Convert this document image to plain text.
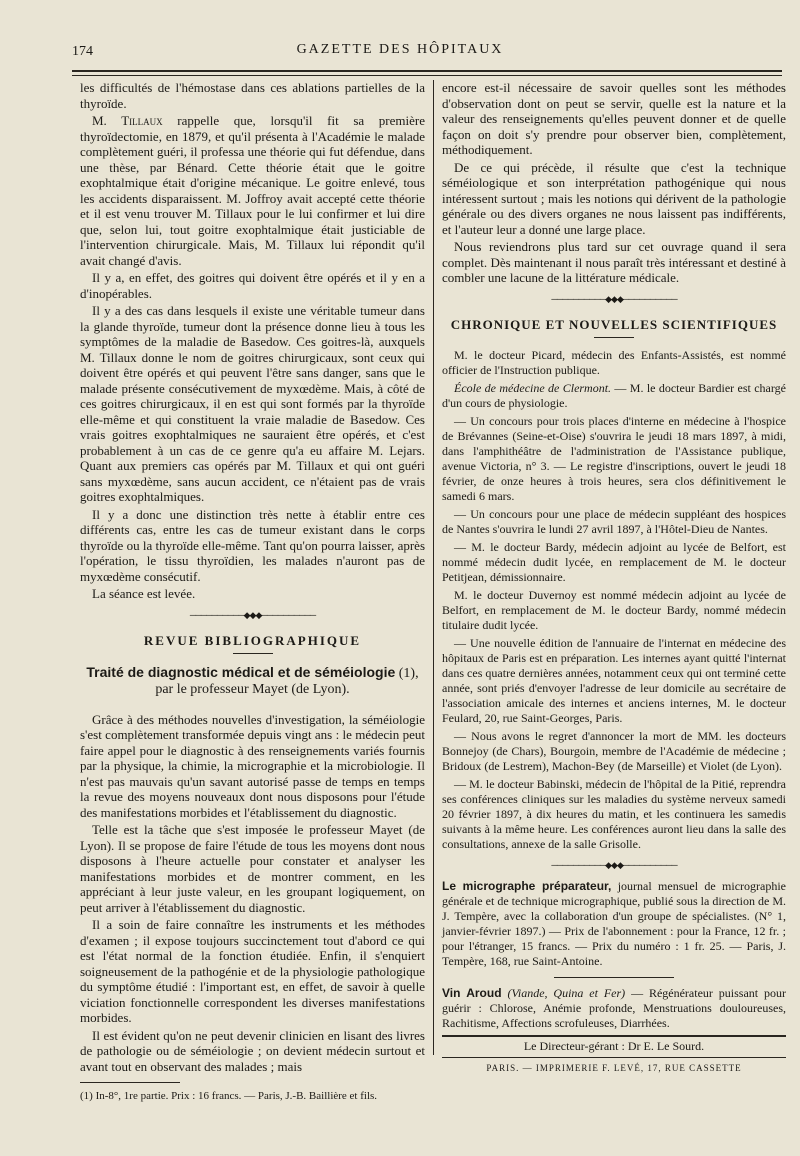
174	GAZETTE DES HÔPITAUX

les difficultés de l'hémostase dans ces ablations partielles de la thyroïde.

M. Tillaux rappelle que, lorsqu'il fit sa première thyroïdectomie, en 1879, et qu'il présenta à l'Académie le malade complètement guéri, il professa une théorie qui fut défendue, dans une thèse, par Bénard. Cette théorie était que le goitre exophtalmique était d'origine mécanique. Le goitre enlevé, tous les accidents disparaissent. M. Joffroy avait accepté cette théorie et il est venu trouver M. Tillaux pour le lui confirmer et lui dire que, selon lui, tout goitre exophtalmique était justiciable de l'intervention chirurgicale. Mais, M. Tillaux lui répondit qu'il avait changé d'avis.

Il y a, en effet, des goitres qui doivent être opérés et il y en a d'inopérables.

Il y a des cas dans lesquels il existe une véritable tumeur dans la glande thyroïde, tumeur dont la présence donne lieu à tous les symptômes de la maladie de Basedow. Ces goitres-là, auxquels M. Tillaux donne le nom de goitres chirurgicaux, sont ceux qui doivent être opérés et qui peuvent l'être sans danger, sans que le malade présente consécutivement de myxœdème. Mais, à côté de ces goitres chirurgicaux, il en est qui sont formés par la thyroïde elle-même et qui constituent la vraie maladie de Basedow. Ces vrais goitres exophtalmiques ne sauraient être opérés, et c'est probablement à un cas de ce genre qu'a eu affaire M. Lejars. Quant aux premiers cas opérés par M. Tillaux et qui ont guéri sans myxœdème, sans aucun accident, ce n'étaient pas de vrais goitres exophtalmiques.

Il y a donc une distinction très nette à établir entre ces différents cas, entre les cas de tumeur existant dans le corps thyroïde ou la thyroïde elle-même. Tant qu'on pourra laisser, après l'opération, le tissu thyroïdien, les malades n'auront pas de myxœdème consécutif.

La séance est levée.

──────────◆◆◆──────────
REVUE BIBLIOGRAPHIQUE
Traité de diagnostic médical et de séméiologie (1),
par le professeur Mayet (de Lyon).

Grâce à des méthodes nouvelles d'investigation, la séméiologie s'est complètement transformée depuis vingt ans : le médecin peut faire appel pour le diagnostic à des renseignements variés fournis par la physique, la chimie, la micrographie et la microbiologie. Il n'est pas mauvais qu'un savant autorisé passe de temps en temps la revue des moyens nouveaux dont nous disposons pour l'étude des manifestations morbides et l'établissement du diagnostic.

Telle est la tâche que s'est imposée le professeur Mayet (de Lyon). Il se propose de faire l'étude de tous les moyens dont nous disposons à l'heure actuelle pour constater et analyser les manifestations morbides et de montrer comment, en les appréciant à leur juste valeur, en les groupant logiquement, on peut arriver à l'établissement du diagnostic.

Il a soin de faire connaître les instruments et les méthodes d'examen ; il expose toujours succinctement tout d'abord ce qui est l'état normal de la fonction étudiée. Enfin, il s'enquiert soigneusement de la pathogénie et de la physiologie pathologique du symptôme étudié : l'important est, en effet, de savoir à quelle viciation fonctionnelle correspondent les diverses manifestations morbides.

Il est évident qu'on ne peut devenir clinicien en lisant des livres de pathologie ou de séméiologie ; on devient médecin surtout et avant tout en observant des malades ; mais

(1) In-8°, 1re partie. Prix : 16 francs. — Paris, J.-B. Baillière et fils.

encore est-il nécessaire de savoir quelles sont les méthodes d'observation dont on peut se servir, quelle est la nature et la valeur des renseignements qu'elles peuvent donner et de quelle façon on doit s'y prendre pour observer bien, complètement, méthodiquement.

De ce qui précède, il résulte que c'est la technique séméiologique et son interprétation pathogénique qui nous intéressent surtout ; mais les notions qui dérivent de la pathologie générale ou des divers organes ne nous laissent pas indifférents, et l'auteur leur a donné une large place.

Nous reviendrons plus tard sur cet ouvrage quand il sera complet. Dès maintenant il nous paraît très intéressant et destiné à combler une lacune de la littérature médicale.

──────────◆◆◆──────────
CHRONIQUE ET NOUVELLES SCIENTIFIQUES

M. le docteur Picard, médecin des Enfants-Assistés, est nommé officier de l'Instruction publique.

École de médecine de Clermont. — M. le docteur Bardier est chargé d'un cours de physiologie.

— Un concours pour trois places d'interne en médecine à l'hospice de Brévannes (Seine-et-Oise) s'ouvrira le jeudi 18 mars 1897, à midi, dans l'amphithéâtre de l'administration de l'Assistance publique, avenue Victoria, n° 3. — Le registre d'inscriptions, ouvert le jeudi 18 février, de onze heures à trois heures, sera clos définitivement le samedi 6 mars.

— Un concours pour une place de médecin suppléant des hospices de Nantes s'ouvrira le lundi 27 avril 1897, à l'Hôtel-Dieu de Nantes.

— M. le docteur Bardy, médecin adjoint au lycée de Belfort, est nommé médecin dudit lycée, en remplacement de M. le docteur Petitjean, démissionnaire.

M. le docteur Duvernoy est nommé médecin adjoint au lycée de Belfort, en remplacement de M. le docteur Bardy, nommé médecin titulaire dudit lycée.

— Une nouvelle édition de l'annuaire de l'internat en médecine des hôpitaux de Paris est en préparation. Les internes ayant quitté l'internat dans ces quatre dernières années, notamment ceux qui ont terminé cette année, sont priés d'envoyer l'adresse de leur domicile au secrétaire de l'association amicale des internes et anciens internes, M. le docteur Feulard, 20, rue Saint-Georges, Paris.

— Nous avons le regret d'annoncer la mort de MM. les docteurs Bonnejoy (de Chars), Bourgoin, membre de l'Académie de médecine ; Bridoux (de Lestrem), Machon-Bey (de Marseille) et Violet (de Lyon).

— M. le docteur Babinski, médecin de l'hôpital de la Pitié, reprendra ses conférences cliniques sur les maladies du système nerveux samedi 20 février 1897, à dix heures du matin, et les continuera les samedis suivants à la même heure. Les conférences auront lieu dans la salle des consultations, annexe de la salle Grisolle.

──────────◆◆◆──────────

Le micrographe préparateur, journal mensuel de micrographie générale et de technique micrographique, publié sous la direction de M. J. Tempère, avec la collaboration d'un groupe de spécialistes. (N° 1, janvier-février 1897.) — Prix de l'abonnement : pour la France, 12 fr. ; pour l'étranger, 15 francs. — Prix du numéro : 1 fr. 25. — Paris, J. Tempère, 168, rue Saint-Antoine.

Vin Aroud (Viande, Quina et Fer) — Régénérateur puissant pour guérir : Chlorose, Anémie profonde, Menstruations douloureuses, Rachitisme, Affections scrofuleuses, Diarrhées.

Le Directeur-gérant : Dr E. Le Sourd.
PARIS. — IMPRIMERIE F. LEVÉ, 17, RUE CASSETTE
